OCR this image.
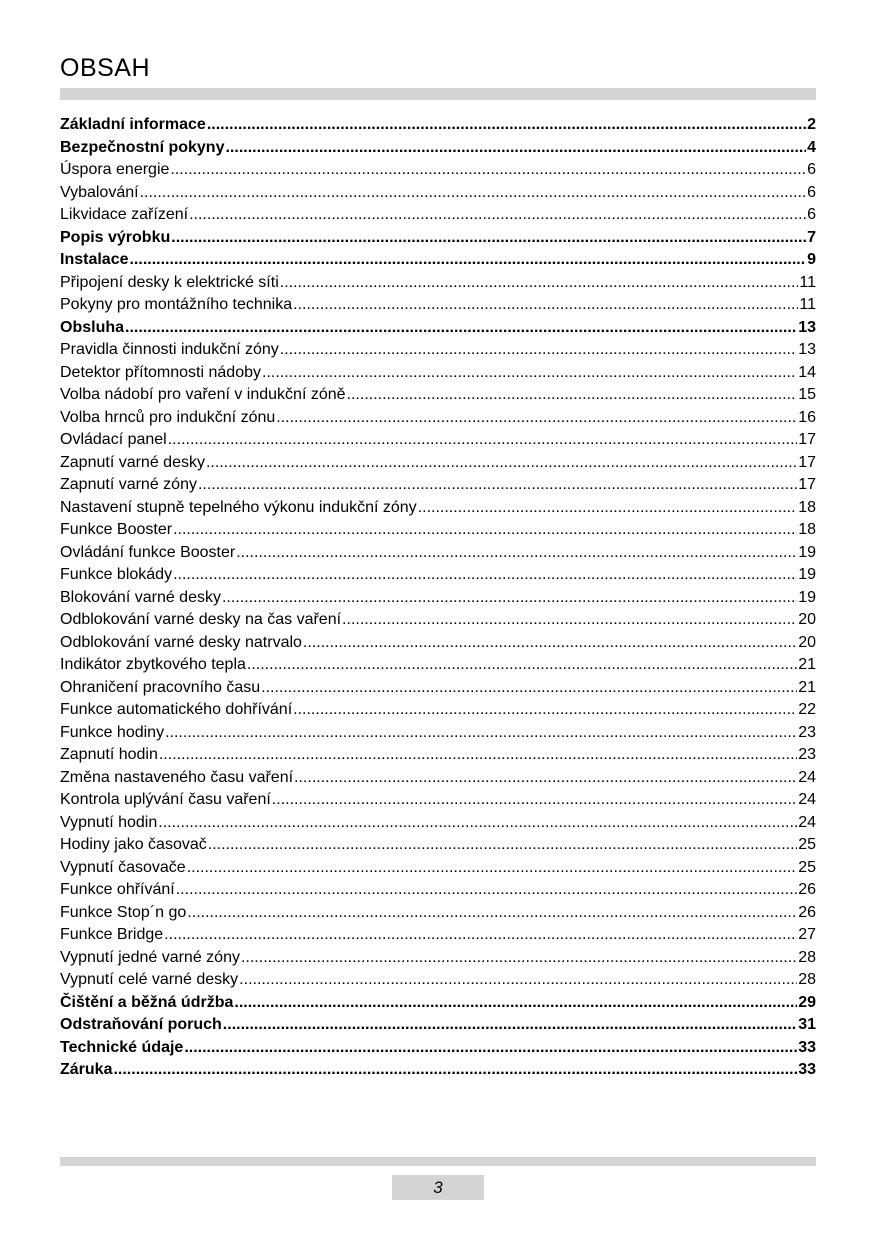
OBSAH
Základní informace .....	2
Bezpečnostní pokyny .....	4
Úspora energie .....	6
Vybalování .....	6
Likvidace zařízení .....	6
Popis výrobku .....	7
Instalace .....	9
Připojení desky k elektrické síti .....	11
Pokyny pro montážního technika .....	11
Obsluha .....	13
Pravidla činnosti indukční zóny .....	13
Detektor přítomnosti nádoby .....	14
Volba nádobí pro vaření v indukční zóně .....	15
Volba hrnců pro indukční zónu .....	16
Ovládací panel .....	17
Zapnutí varné desky .....	17
Zapnutí varné zóny .....	17
Nastavení stupně tepelného výkonu indukční zóny .....	18
Funkce Booster .....	18
Ovládání funkce Booster .....	19
Funkce blokády .....	19
Blokování varné desky .....	19
Odblokování varné desky na čas vaření .....	20
Odblokování varné desky natrvalo .....	20
Indikátor zbytkového tepla .....	21
Ohraničení pracovního času .....	21
Funkce automatického dohřívání .....	22
Funkce hodiny .....	23
Zapnutí hodin .....	23
Změna nastaveného času vaření .....	24
Kontrola uplývání času vaření .....	24
Vypnutí hodin .....	24
Hodiny jako časovač .....	25
Vypnutí časovače .....	25
Funkce ohřívání .....	26
Funkce Stop´n go .....	26
Funkce Bridge .....	27
Vypnutí jedné varné zóny .....	28
Vypnutí celé varné desky .....	28
Čištění a běžná údržba .....	29
Odstraňování poruch .....	31
Technické údaje .....	33
Záruka .....	33
3
